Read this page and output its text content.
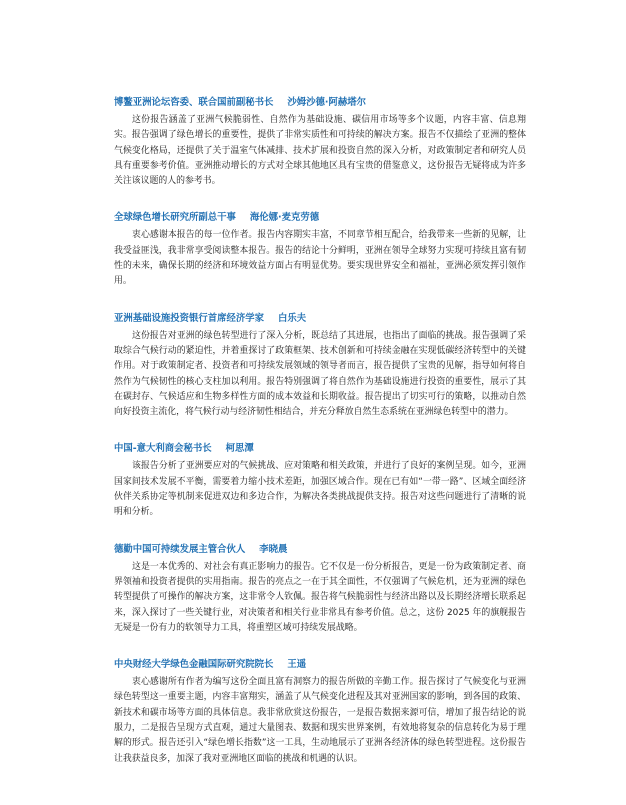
博鳌亚洲论坛咨委、联合国前副秘书长 沙姆沙德·阿赫塔尔

这份报告涵盖了亚洲气候脆弱性、自然作为基础设施、碳信用市场等多个议题，内容丰富、信息翔实。报告强调了绿色增长的重要性，提供了非常实质性和可持续的解决方案。报告不仅描绘了亚洲的整体气候变化格局，还提供了关于温室气体减排、技术扩展和投资自然的深入分析，对政策制定者和研究人员具有重要参考价值。亚洲推动增长的方式对全球其他地区具有宝贵的借鉴意义，这份报告无疑将成为许多关注该议题的人的参考书。

全球绿色增长研究所副总干事 海伦娜·麦克劳德

衷心感谢本报告的每一位作者。报告内容期实丰富，不同章节相互配合，给我带来一些新的见解，让我受益匪浅，我非常享受阅读整本报告。报告的结论十分鲜明，亚洲在领导全球努力实现可持续且富有韧性的未来，确保长期的经济和环境效益方面占有明显优势。要实现世界安全和福祉，亚洲必须发挥引领作用。

亚洲基础设施投资银行首席经济学家 白乐夫

这份报告对亚洲的绿色转型进行了深入分析，既总结了其进展，也指出了面临的挑战。报告强调了采取综合气候行动的紧迫性，并着重探讨了政策框架、技术创新和可持续金融在实现低碳经济转型中的关键作用。对于政策制定者、投资者和可持续发展领域的领导者而言，报告提供了宝贵的见解，指导如何将自然作为气候韧性的核心支柱加以利用。报告特别强调了将自然作为基础设施进行投资的重要性，展示了其在碳封存、气候适应和生物多样性方面的成本效益和长期收益。报告提出了切实可行的策略，以推动自然向好投资主流化，将气候行动与经济韧性相结合，并充分释放自然生态系统在亚洲绿色转型中的潜力。

中国-意大利商会秘书长 柯思潭

该报告分析了亚洲要应对的气候挑战、应对策略和相关政策，并进行了良好的案例呈现。如今，亚洲国家间技术发展不平衡，需要着力缩小技术差距，加强区域合作。现在已有如“一带一路”、区域全面经济伙伴关系协定等机制来促进双边和多边合作，为解决各类挑战提供支持。报告对这些问题进行了清晰的说明和分析。

德勤中国可持续发展主管合伙人 李晓晨

这是一本优秀的、对社会有真正影响力的报告。它不仅是一份分析报告，更是一份为政策制定者、商界领袖和投资者提供的实用指南。报告的亮点之一在于其全面性，不仅强调了气候危机，还为亚洲的绿色转型提供了可操作的解决方案，这非常令人钦佩。报告将气候脆弱性与经济出路以及长期经济增长联系起来，深入探讨了一些关键行业，对决策者和相关行业非常具有参考价值。总之，这份 2025 年的旗舰报告无疑是一份有力的软领导力工具，将重塑区域可持续发展战略。

中央财经大学绿色金融国际研究院院长 王遥

衷心感谢所有作者为编写这份全面且富有洞察力的报告所做的辛勤工作。报告探讨了气候变化与亚洲绿色转型这一重要主题，内容丰富翔实，涵盖了从气候变化进程及其对亚洲国家的影响，到各国的政策、新技术和碳市场等方面的具体信息。我非常欣赏这份报告，一是报告数据来源可信，增加了报告结论的说服力，二是报告呈现方式直观，通过大量图表、数据和现实世界案例，有效地将复杂的信息转化为易于理解的形式。报告还引入“绿色增长指数”这一工具，生动地展示了亚洲各经济体的绿色转型进程。这份报告让我获益良多，加深了我对亚洲地区面临的挑战和机遇的认识。
